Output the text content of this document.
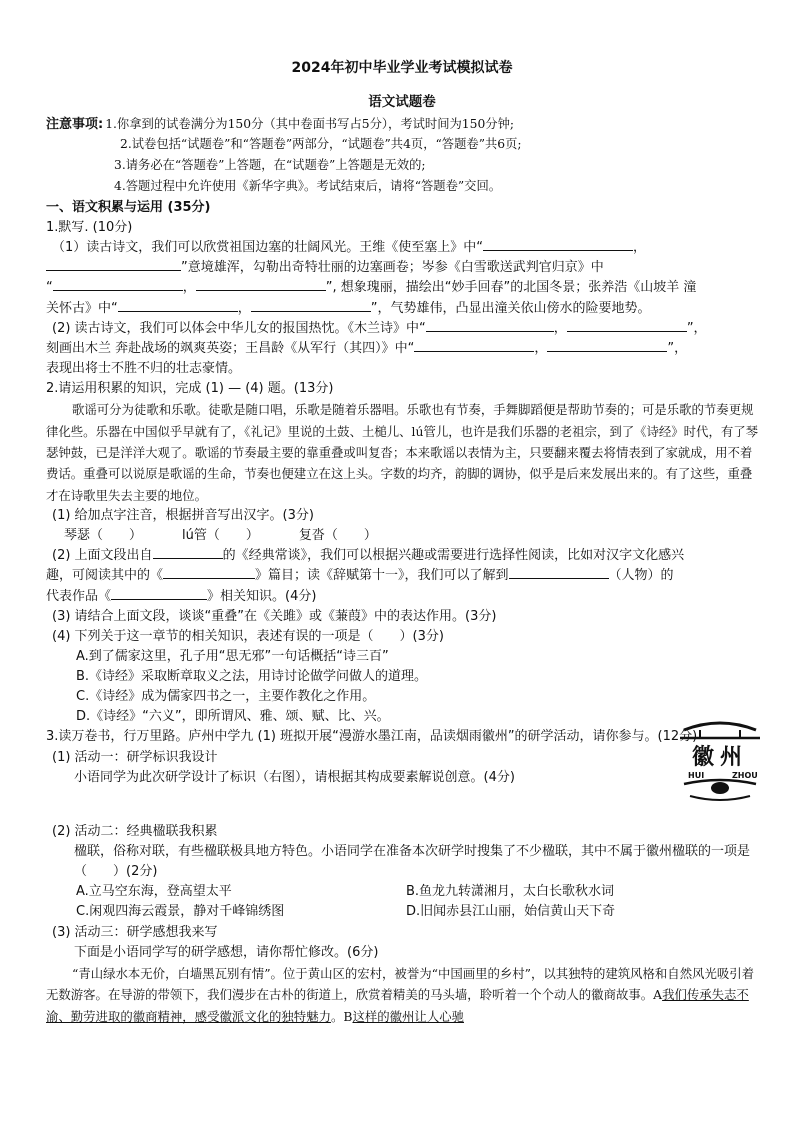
2024年初中毕业学业考试模拟试卷

语文试题卷

注意事项: 1.你拿到的试卷满分为150分（其中卷面书写占5分），考试时间为150分钟;
2.试卷包括“试题卷”和“答题卷”两部分，“试题卷”共4页，“答题卷”共6页;
3.请务必在“答题卷”上答题，在“试题卷”上答题是无效的;
4.答题过程中允许使用《新华字典》。考试结束后，请将“答题卷”交回。
一、语文积累与运用 (35分)

1.默写. (10分)

（1）读古诗文，我们可以欣赏祖国边塞的壮阔风光。王维《使至塞上》中“	，

”意境雄浑，勾勒出奇特壮丽的边塞画卷；岑参《白雪歌送武判官归京》中

“	，	”, 想象瑰丽，描绘出“妙手回春”的北国冬景；张养浩《山坡羊 潼

关怀古》中“	，	”，气势雄伟，凸显出潼关依山傍水的险要地势。

(2) 读古诗文，我们可以体会中华儿女的报国热忱。《木兰诗》中“	，	”，

刻画出木兰 奔赴战场的飒爽英姿；王昌龄《从军行（其四）》中“	，	”，

表现出将士不胜不归的壮志豪情。

2.请运用积累的知识，完成 (1) — (4) 题。(13分)

歌谣可分为徒歌和乐歌。徒歌是随口唱，乐歌是随着乐器唱。乐歌也有节奏，手舞脚蹈便是帮助节奏的；可是乐歌的节奏更规律化些。乐器在中国似乎早就有了，《礼记》里说的土鼓、土槌儿、lú管儿，也许是我们乐器的老祖宗，到了《诗经》时代，有了琴瑟钟鼓，已是洋洋大观了。歌谣的节奏最主要的靠重叠或叫复沓；本来歌谣以表情为主，只要翻来覆去将情表到了家就成，用不着费话。重叠可以说原是歌谣的生命，节奏也便建立在这上头。字数的均齐，韵脚的调协，似乎是后来发展出来的。有了这些，重叠才在诗歌里失去主要的地位。

(1) 给加点字注音，根据拼音写出汉字。(3分)

琴瑟（　　）	lú管（　　）	复沓（　　）

(2) 上面文段出自	的《经典常谈》，我们可以根据兴趣或需要进行选择性阅读，比如对汉字文化感兴

趣，可阅读其中的《	》篇目；读《辞赋第十一》，我们可以了解到	（人物）的

代表作品《	》相关知识。(4分)

(3) 请结合上面文段，谈谈“重叠”在《关雎》或《蒹葭》中的表达作用。(3分)

(4) 下列关于这一章节的相关知识，表述有误的一项是（　　）(3分)

A.到了儒家这里，孔子用“思无邪”一句话概括“诗三百”

B.《诗经》采取断章取义之法，用诗讨论做学问做人的道理。

C.《诗经》成为儒家四书之一，主要作教化之作用。

D.《诗经》“六义”，即所谓风、雅、颂、赋、比、兴。

3.读万卷书，行万里路。庐州中学九 (1) 班拟开展“漫游水墨江南，品读烟雨徽州”的研学活动，请你参与。(12分)

(1) 活动一：研学标识我设计

小语同学为此次研学设计了标识（右图），请根据其构成要素解说创意。(4分)

(2) 活动二：经典楹联我积累

楹联，俗称对联，有些楹联极具地方特色。小语同学在准备本次研学时搜集了不少楹联，其中不属于徽州楹联的一项是（　　）(2分)

A.立马空东海，登高望太平	B.鱼龙九转潇湘月，太白长歌秋水词
C.闲观四海云霞景，静对千峰锦绣图	D.旧闻赤县江山丽，始信黄山天下奇

(3) 活动三：研学感想我来写

下面是小语同学写的研学感想，请你帮忙修改。(6分)

“青山绿水本无价，白墙黑瓦别有情”。位于黄山区的宏村，被誉为“中国画里的乡村”，以其独特的建筑风格和自然风光吸引着无数游客。在导游的带领下，我们漫步在古朴的街道上，欣赏着精美的马头墙，聆听着一个个动人的徽商故事。A我们传承失志不渝、勤劳进取的徽商精神，感受徽派文化的独特魅力。B这样的徽州让人心驰

徽州
HUI	ZHOU
